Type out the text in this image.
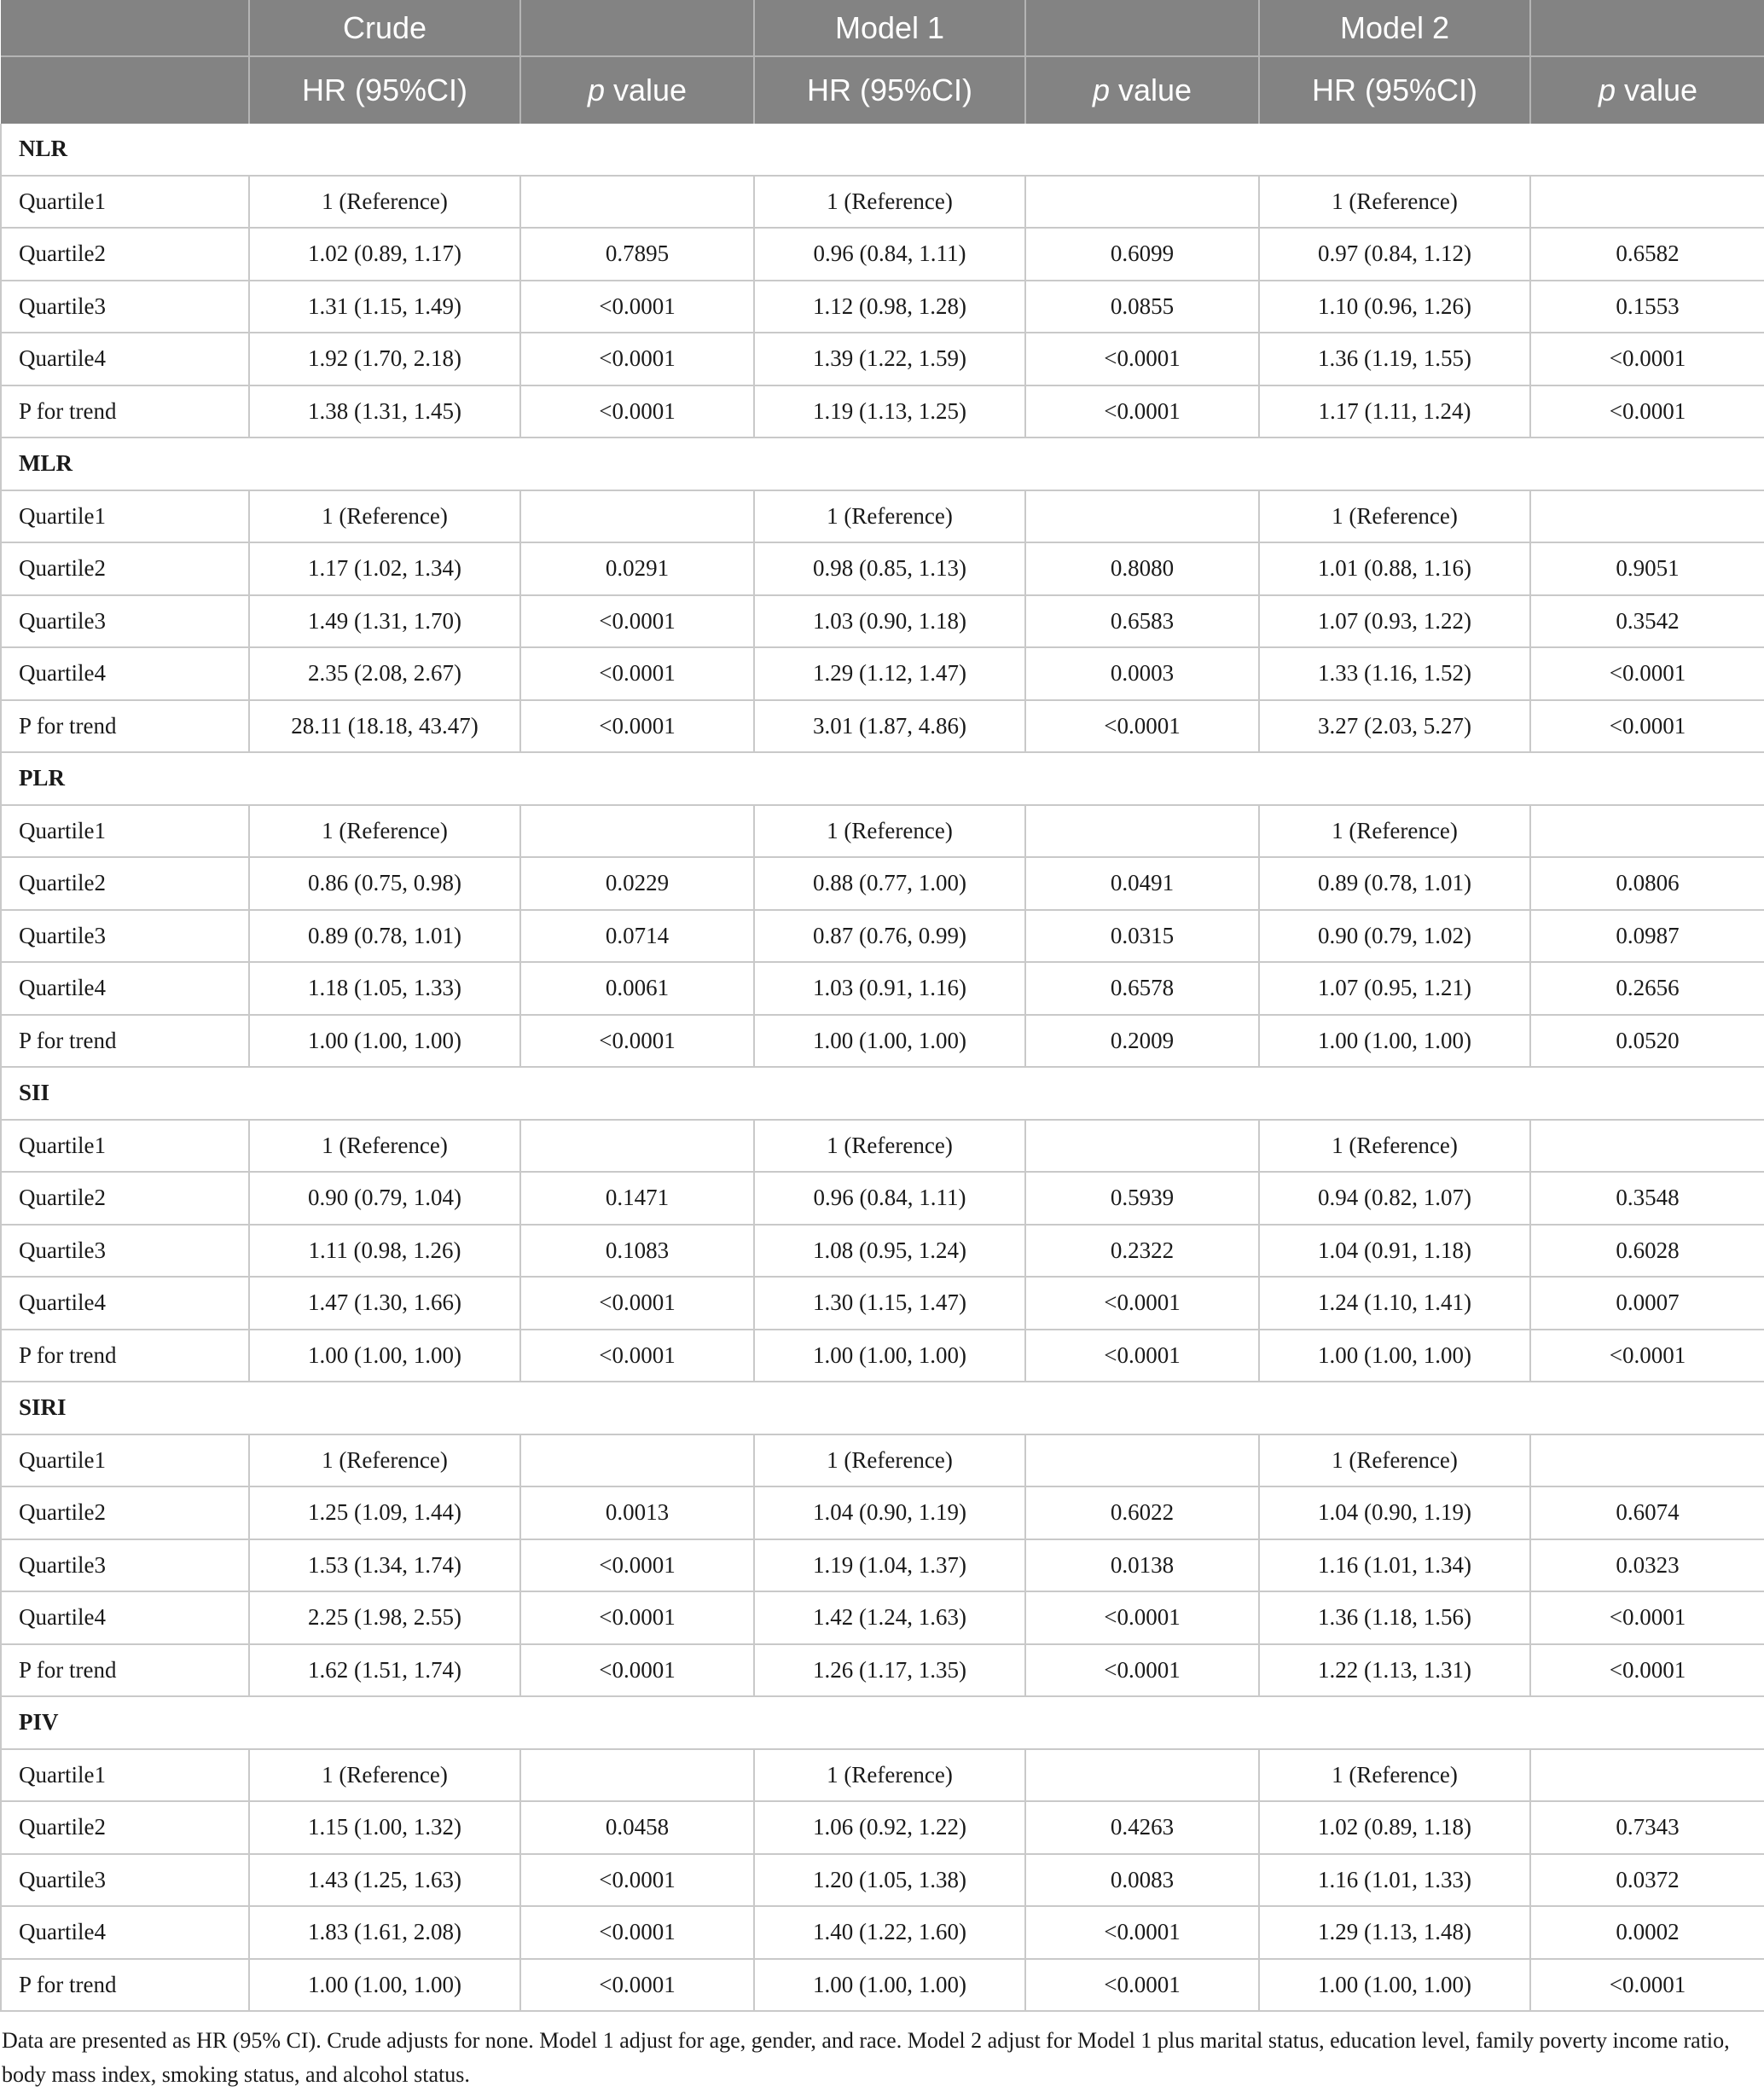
	Crude		Model 1		Model 2	
	HR (95%CI)	p value	HR (95%CI)	p value	HR (95%CI)	p value
NLR						
Quartile1	1 (Reference)		1 (Reference)		1 (Reference)	
Quartile2	1.02 (0.89, 1.17)	0.7895	0.96 (0.84, 1.11)	0.6099	0.97 (0.84, 1.12)	0.6582
Quartile3	1.31 (1.15, 1.49)	<0.0001	1.12 (0.98, 1.28)	0.0855	1.10 (0.96, 1.26)	0.1553
Quartile4	1.92 (1.70, 2.18)	<0.0001	1.39 (1.22, 1.59)	<0.0001	1.36 (1.19, 1.55)	<0.0001
P for trend	1.38 (1.31, 1.45)	<0.0001	1.19 (1.13, 1.25)	<0.0001	1.17 (1.11, 1.24)	<0.0001
MLR						
Quartile1	1 (Reference)		1 (Reference)		1 (Reference)	
Quartile2	1.17 (1.02, 1.34)	0.0291	0.98 (0.85, 1.13)	0.8080	1.01 (0.88, 1.16)	0.9051
Quartile3	1.49 (1.31, 1.70)	<0.0001	1.03 (0.90, 1.18)	0.6583	1.07 (0.93, 1.22)	0.3542
Quartile4	2.35 (2.08, 2.67)	<0.0001	1.29 (1.12, 1.47)	0.0003	1.33 (1.16, 1.52)	<0.0001
P for trend	28.11 (18.18, 43.47)	<0.0001	3.01 (1.87, 4.86)	<0.0001	3.27 (2.03, 5.27)	<0.0001
PLR						
Quartile1	1 (Reference)		1 (Reference)		1 (Reference)	
Quartile2	0.86 (0.75, 0.98)	0.0229	0.88 (0.77, 1.00)	0.0491	0.89 (0.78, 1.01)	0.0806
Quartile3	0.89 (0.78, 1.01)	0.0714	0.87 (0.76, 0.99)	0.0315	0.90 (0.79, 1.02)	0.0987
Quartile4	1.18 (1.05, 1.33)	0.0061	1.03 (0.91, 1.16)	0.6578	1.07 (0.95, 1.21)	0.2656
P for trend	1.00 (1.00, 1.00)	<0.0001	1.00 (1.00, 1.00)	0.2009	1.00 (1.00, 1.00)	0.0520
SII						
Quartile1	1 (Reference)		1 (Reference)		1 (Reference)	
Quartile2	0.90 (0.79, 1.04)	0.1471	0.96 (0.84, 1.11)	0.5939	0.94 (0.82, 1.07)	0.3548
Quartile3	1.11 (0.98, 1.26)	0.1083	1.08 (0.95, 1.24)	0.2322	1.04 (0.91, 1.18)	0.6028
Quartile4	1.47 (1.30, 1.66)	<0.0001	1.30 (1.15, 1.47)	<0.0001	1.24 (1.10, 1.41)	0.0007
P for trend	1.00 (1.00, 1.00)	<0.0001	1.00 (1.00, 1.00)	<0.0001	1.00 (1.00, 1.00)	<0.0001
SIRI						
Quartile1	1 (Reference)		1 (Reference)		1 (Reference)	
Quartile2	1.25 (1.09, 1.44)	0.0013	1.04 (0.90, 1.19)	0.6022	1.04 (0.90, 1.19)	0.6074
Quartile3	1.53 (1.34, 1.74)	<0.0001	1.19 (1.04, 1.37)	0.0138	1.16 (1.01, 1.34)	0.0323
Quartile4	2.25 (1.98, 2.55)	<0.0001	1.42 (1.24, 1.63)	<0.0001	1.36 (1.18, 1.56)	<0.0001
P for trend	1.62 (1.51, 1.74)	<0.0001	1.26 (1.17, 1.35)	<0.0001	1.22 (1.13, 1.31)	<0.0001
PIV						
Quartile1	1 (Reference)		1 (Reference)		1 (Reference)	
Quartile2	1.15 (1.00, 1.32)	0.0458	1.06 (0.92, 1.22)	0.4263	1.02 (0.89, 1.18)	0.7343
Quartile3	1.43 (1.25, 1.63)	<0.0001	1.20 (1.05, 1.38)	0.0083	1.16 (1.01, 1.33)	0.0372
Quartile4	1.83 (1.61, 2.08)	<0.0001	1.40 (1.22, 1.60)	<0.0001	1.29 (1.13, 1.48)	0.0002
P for trend	1.00 (1.00, 1.00)	<0.0001	1.00 (1.00, 1.00)	<0.0001	1.00 (1.00, 1.00)	<0.0001
Data are presented as HR (95% CI). Crude adjusts for none. Model 1 adjust for age, gender, and race. Model 2 adjust for Model 1 plus marital status, education level, family poverty income ratio, body mass index, smoking status, and alcohol status.
